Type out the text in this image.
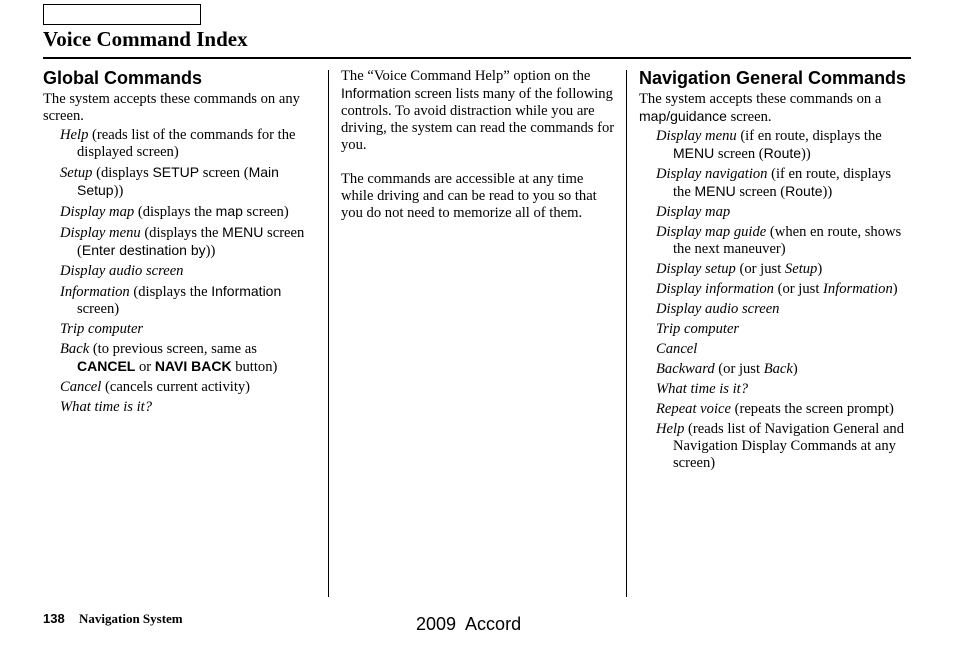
Voice Command Index
Global Commands

The system accepts these commands on any screen.

Help (reads list of the commands for the displayed screen)
Setup (displays SETUP screen (Main Setup))
Display map (displays the map screen)
Display menu (displays the MENU screen (Enter destination by))
Display audio screen
Information (displays the Information screen)
Trip computer
Back (to previous screen, same as CANCEL or NAVI BACK button)
Cancel (cancels current activity)
What time is it?

The “Voice Command Help” option on the Information screen lists many of the following controls. To avoid distraction while you are driving, the system can read the commands for you.

The commands are accessible at any time while driving and can be read to you so that you do not need to memorize all of them.

Navigation General Commands

The system accepts these commands on a map/guidance screen.

Display menu (if en route, displays the MENU screen (Route))
Display navigation (if en route, displays the MENU screen (Route))
Display map
Display map guide (when en route, shows the next maneuver)
Display setup (or just Setup)
Display information (or just Information)
Display audio screen
Trip computer
Cancel
Backward (or just Back)
What time is it?
Repeat voice (repeats the screen prompt)
Help (reads list of Navigation General and Navigation Display Commands at any screen)
138 Navigation System	2009  Accord
